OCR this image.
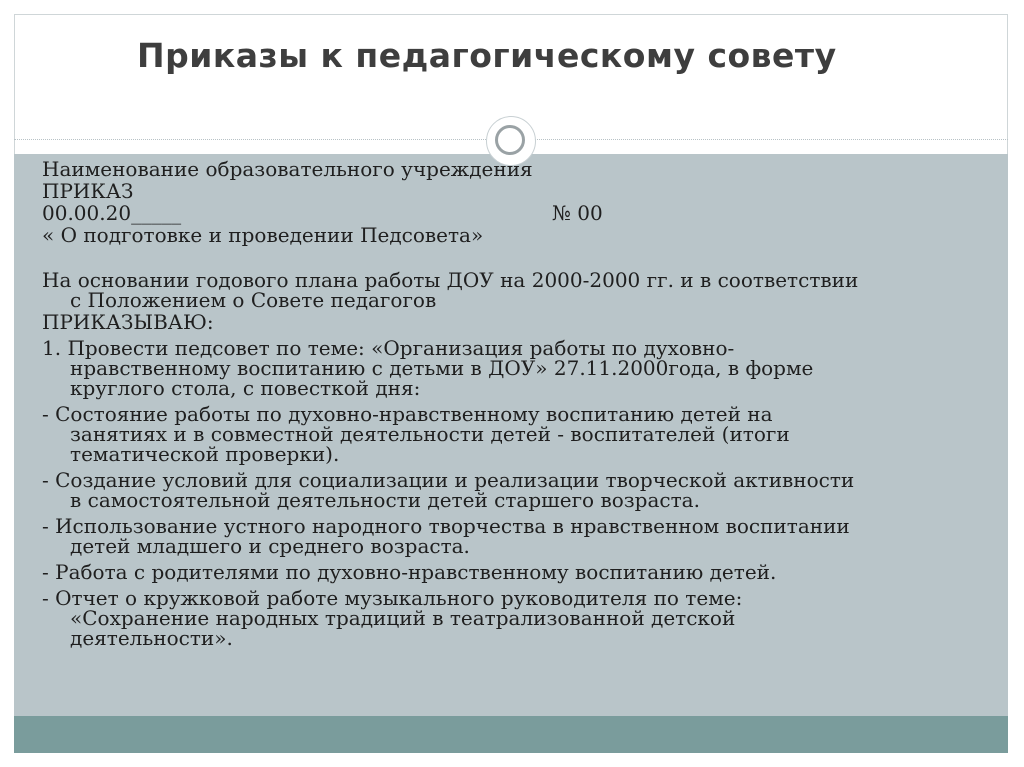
Приказы к педагогическому совету
Наименование образовательного учреждения
ПРИКАЗ
00.00.20_____	№ 00
« О подготовке и проведении Педсовета»
На основании годового плана работы ДОУ на 2000-2000 гг. и в соответствии
с Положением о Совете педагогов
ПРИКАЗЫВАЮ:
1. Провести педсовет по теме: «Организация работы по духовно-
нравственному воспитанию с детьми в ДОУ» 27.11.2000года, в форме
круглого стола, с повесткой дня:
- Состояние работы по духовно-нравственному воспитанию детей на
занятиях и в совместной деятельности детей - воспитателей (итоги
тематической проверки).
- Создание условий для социализации и реализации творческой активности
в самостоятельной деятельности детей старшего возраста.
- Использование устного народного творчества в нравственном воспитании
детей младшего и среднего возраста.
- Работа с родителями по духовно-нравственному воспитанию детей.
- Отчет о кружковой работе музыкального руководителя по теме:
«Сохранение народных традиций в театрализованной детской
деятельности».
